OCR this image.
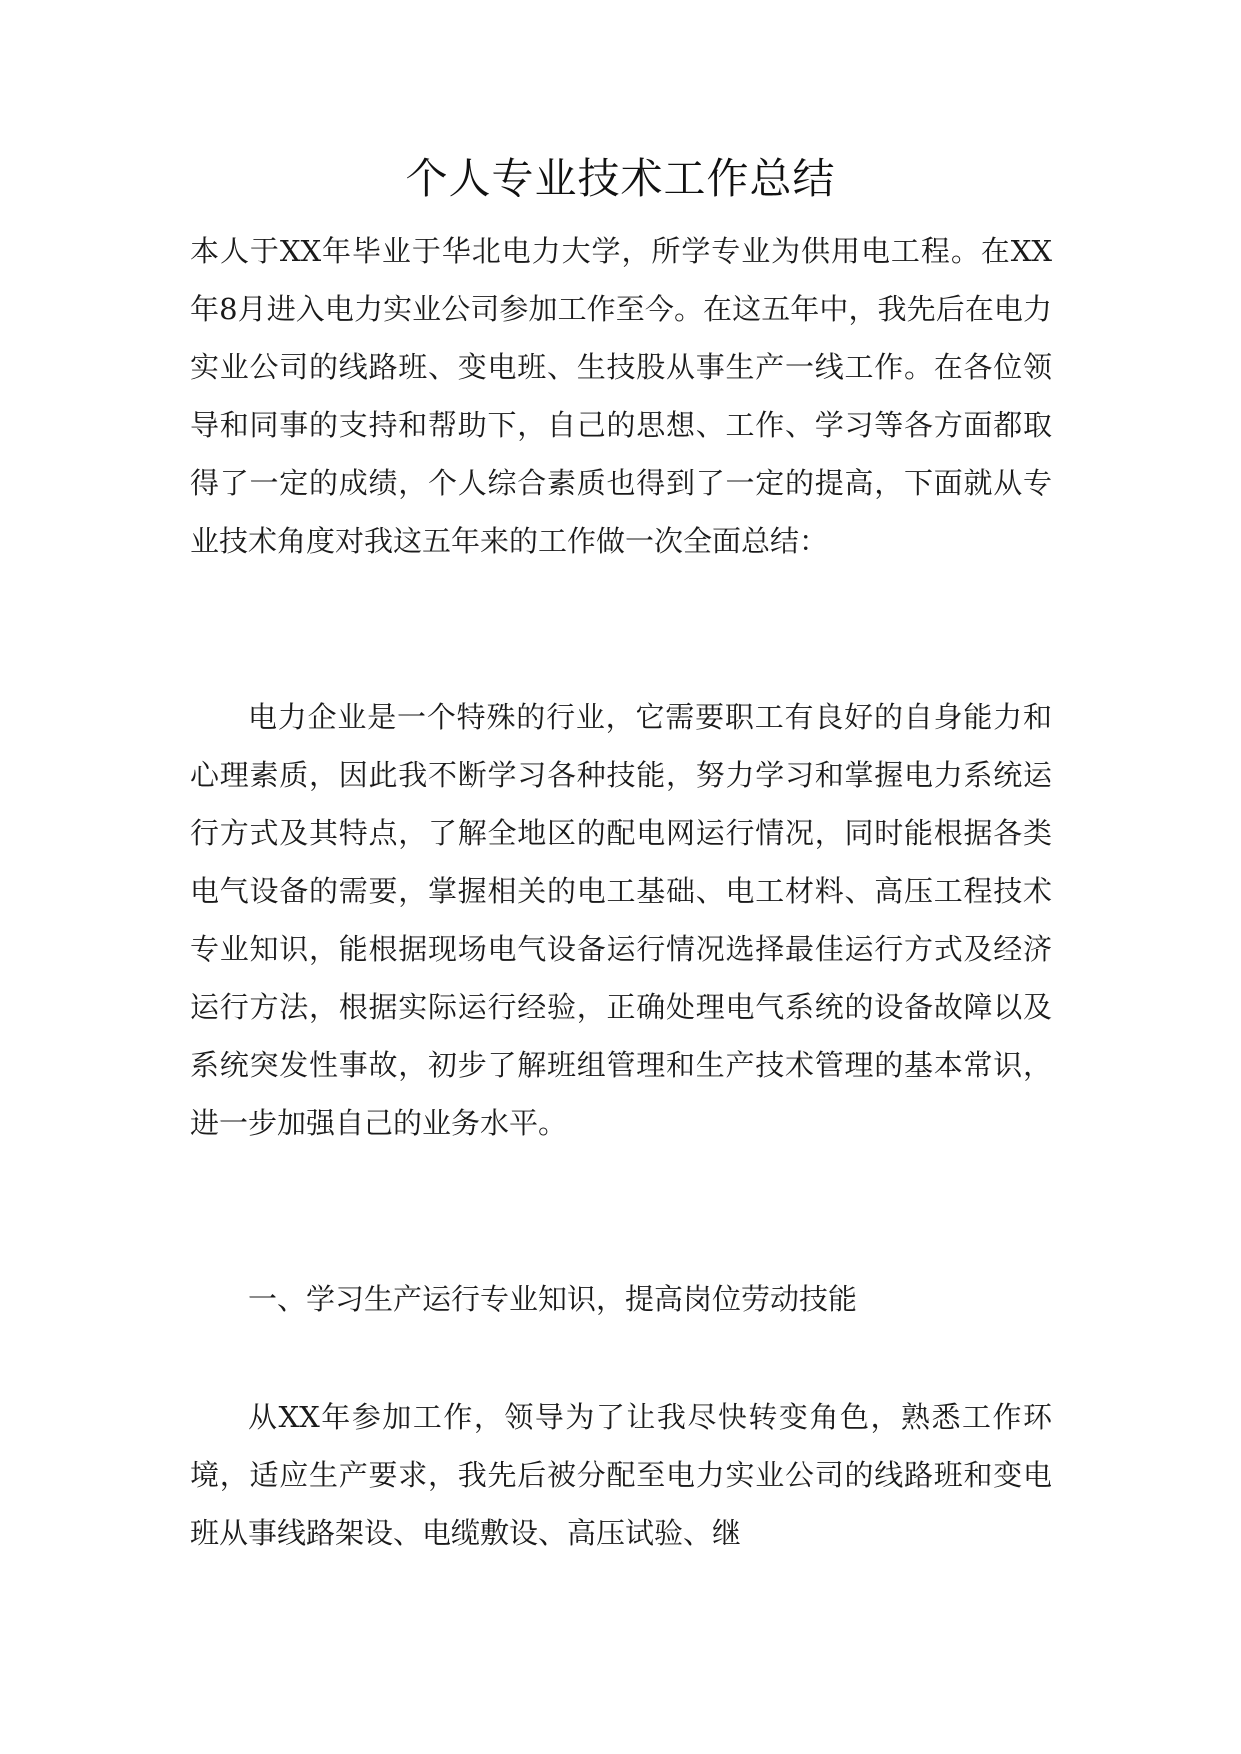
个人专业技术工作总结

本人于XX年毕业于华北电力大学，所学专业为供用电工程。在XX年8月进入电力实业公司参加工作至今。在这五年中，我先后在电力实业公司的线路班、变电班、生技股从事生产一线工作。在各位领导和同事的支持和帮助下，自己的思想、工作、学习等各方面都取得了一定的成绩，个人综合素质也得到了一定的提高，下面就从专业技术角度对我这五年来的工作做一次全面总结：

电力企业是一个特殊的行业，它需要职工有良好的自身能力和心理素质，因此我不断学习各种技能，努力学习和掌握电力系统运行方式及其特点，了解全地区的配电网运行情况，同时能根据各类电气设备的需要，掌握相关的电工基础、电工材料、高压工程技术专业知识，能根据现场电气设备运行情况选择最佳运行方式及经济运行方法，根据实际运行经验，正确处理电气系统的设备故障以及系统突发性事故，初步了解班组管理和生产技术管理的基本常识，进一步加强自己的业务水平。

一、学习生产运行专业知识，提高岗位劳动技能

从XX年参加工作，领导为了让我尽快转变角色，熟悉工作环境，适应生产要求，我先后被分配至电力实业公司的线路班和变电班从事线路架设、电缆敷设、高压试验、继
